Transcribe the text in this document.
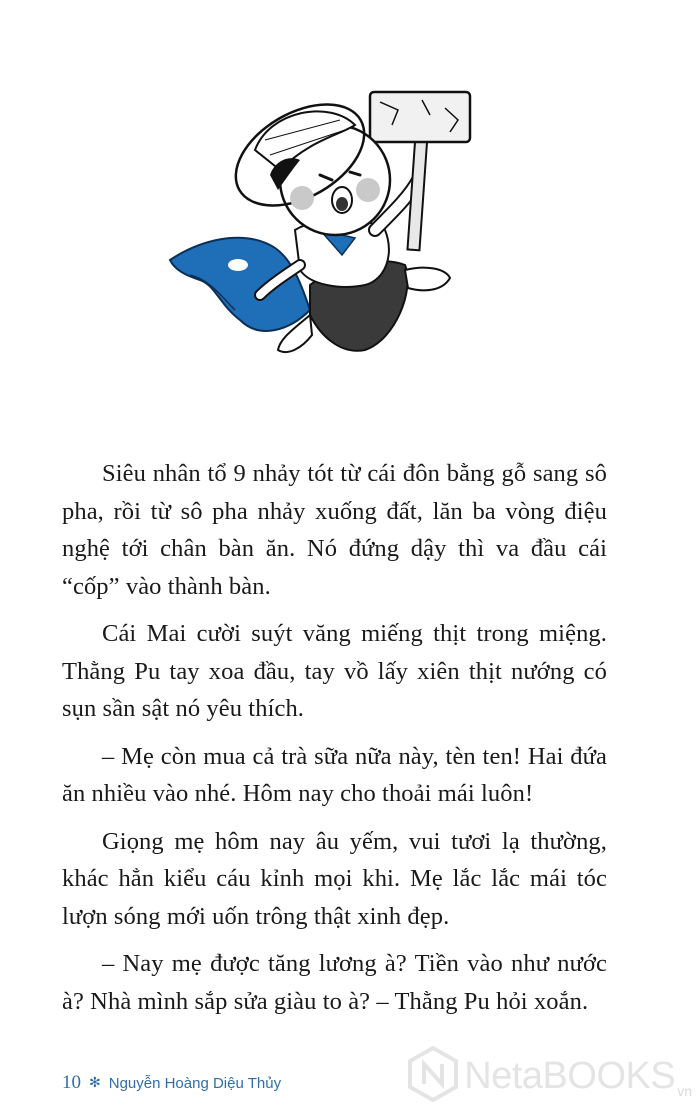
Siêu nhân tổ 9 nhảy tót từ cái đôn bằng gỗ sang sô pha, rồi từ sô pha nhảy xuống đất, lăn ba vòng điệu nghệ tới chân bàn ăn. Nó đứng dậy thì va đầu cái “cốp” vào thành bàn.

Cái Mai cười suýt văng miếng thịt trong miệng. Thằng Pu tay xoa đầu, tay vồ lấy xiên thịt nướng có sụn sần sật nó yêu thích.

– Mẹ còn mua cả trà sữa nữa này, tèn ten! Hai đứa ăn nhiều vào nhé. Hôm nay cho thoải mái luôn!

Giọng mẹ hôm nay âu yếm, vui tươi lạ thường, khác hẳn kiểu cáu kỉnh mọi khi. Mẹ lắc lắc mái tóc lượn sóng mới uốn trông thật xinh đẹp.

– Nay mẹ được tăng lương à? Tiền vào như nước à? Nhà mình sắp sửa giàu to à? – Thằng Pu hỏi xoắn.

10 ✻ Nguyễn Hoàng Diệu Thủy	NetaBOOKS vn
